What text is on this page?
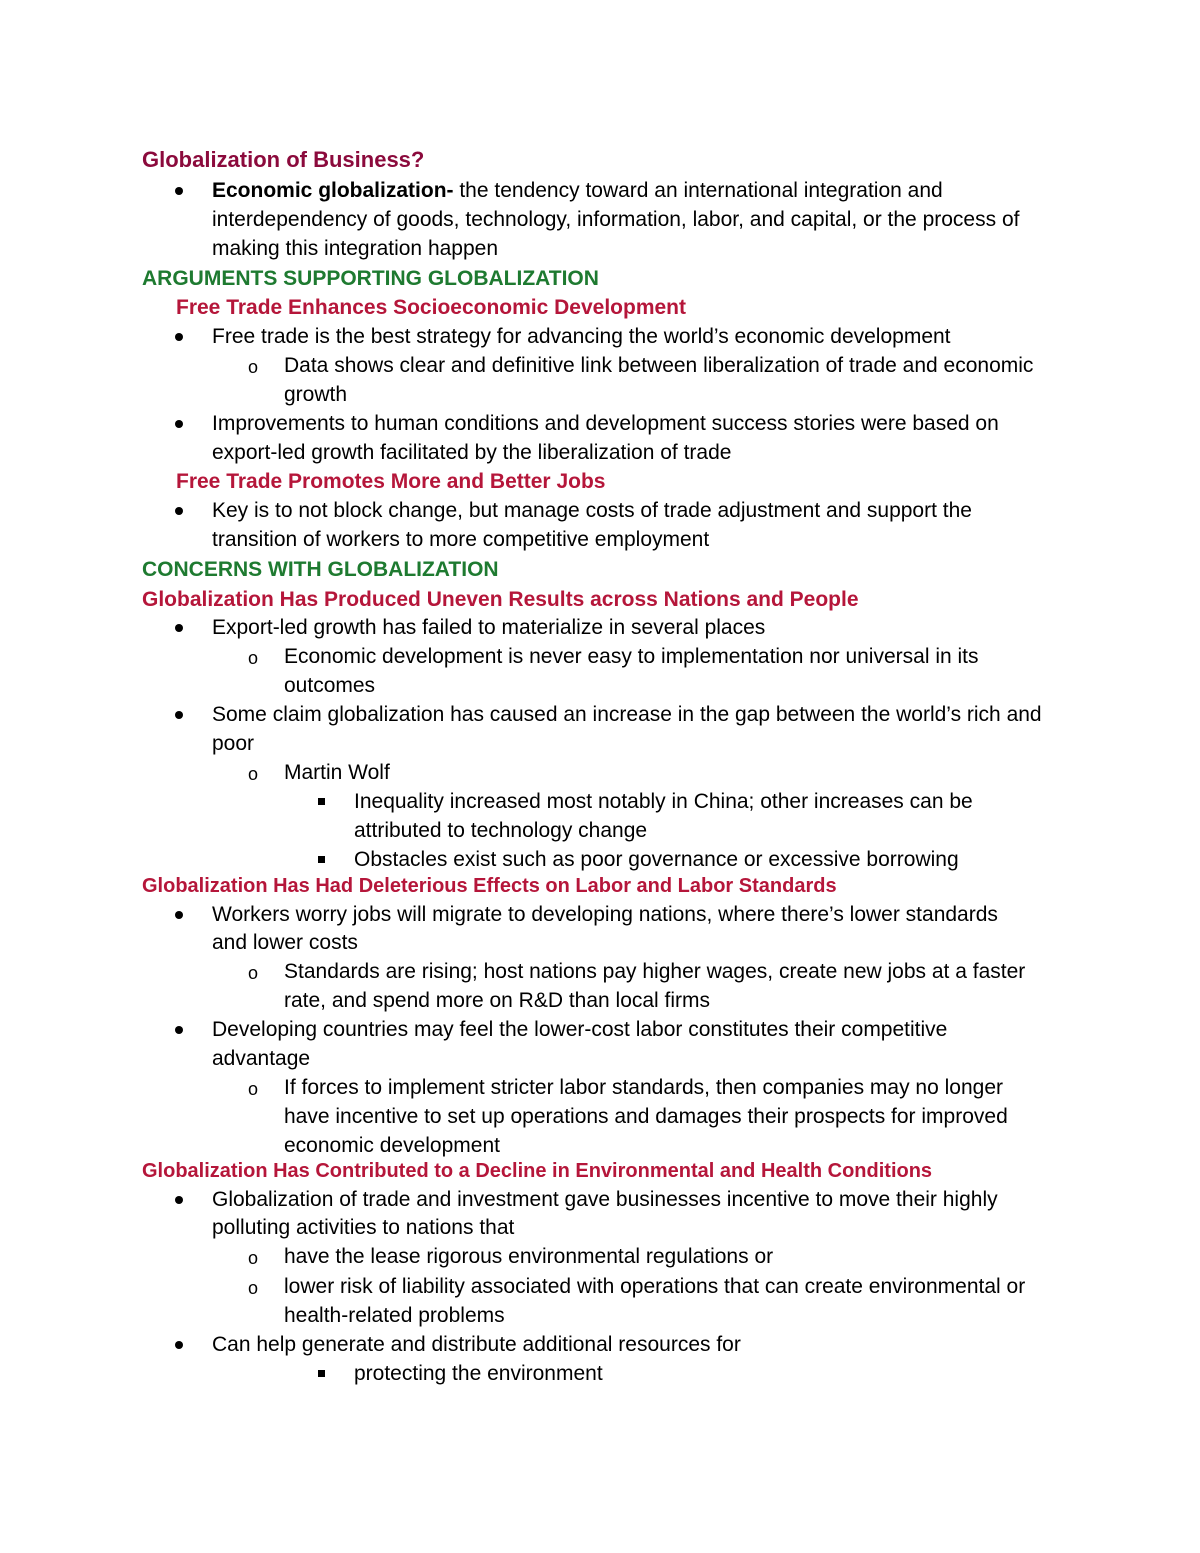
Globalization of Business?
Economic globalization- the tendency toward an international integration and
interdependency of goods, technology, information, labor, and capital, or the process of
making this integration happen
ARGUMENTS SUPPORTING GLOBALIZATION
Free Trade Enhances Socioeconomic Development
Free trade is the best strategy for advancing the world’s economic development
o Data shows clear and definitive link between liberalization of trade and economic
growth
Improvements to human conditions and development success stories were based on
export-led growth facilitated by the liberalization of trade
Free Trade Promotes More and Better Jobs
Key is to not block change, but manage costs of trade adjustment and support the
transition of workers to more competitive employment
CONCERNS WITH GLOBALIZATION
Globalization Has Produced Uneven Results across Nations and People
Export-led growth has failed to materialize in several places
o Economic development is never easy to implementation nor universal in its
outcomes
Some claim globalization has caused an increase in the gap between the world’s rich and
poor
o Martin Wolf
Inequality increased most notably in China; other increases can be
attributed to technology change
Obstacles exist such as poor governance or excessive borrowing
Globalization Has Had Deleterious Effects on Labor and Labor Standards
Workers worry jobs will migrate to developing nations, where there’s lower standards
and lower costs
o Standards are rising; host nations pay higher wages, create new jobs at a faster
rate, and spend more on R&D than local firms
Developing countries may feel the lower-cost labor constitutes their competitive
advantage
o If forces to implement stricter labor standards, then companies may no longer
have incentive to set up operations and damages their prospects for improved
economic development
Globalization Has Contributed to a Decline in Environmental and Health Conditions
Globalization of trade and investment gave businesses incentive to move their highly
polluting activities to nations that
o have the lease rigorous environmental regulations or
o lower risk of liability associated with operations that can create environmental or
health-related problems
Can help generate and distribute additional resources for
protecting the environment
